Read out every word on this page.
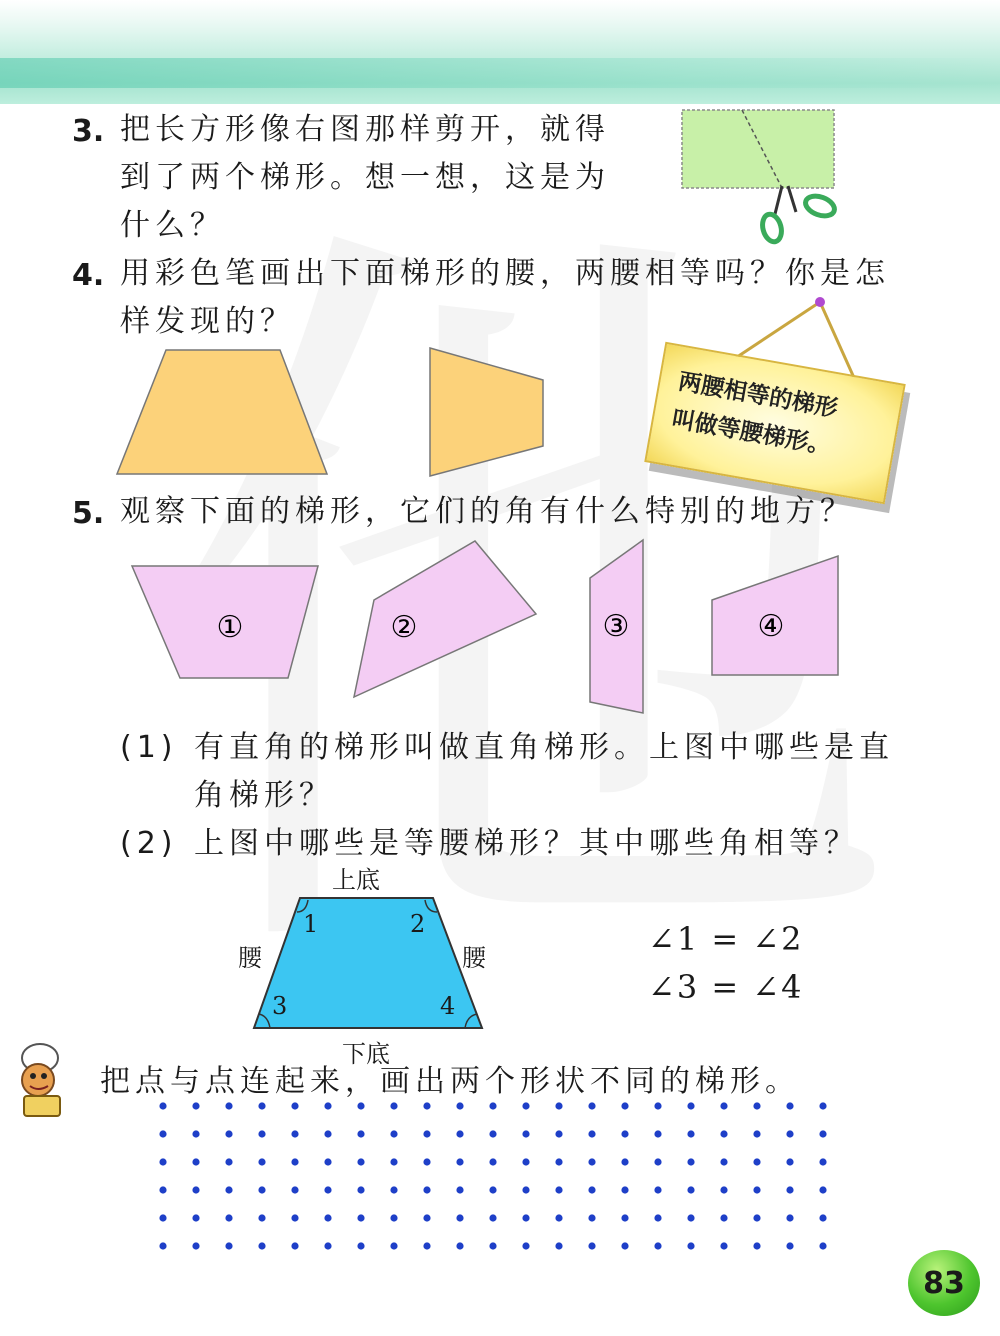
3. 把长方形像右图那样剪开，就得
到了两个梯形。想一想，这是为
什么？
4. 用彩色笔画出下面梯形的腰，两腰相等吗？你是怎
样发现的？
两腰相等的梯形
叫做等腰梯形。
5. 观察下面的梯形，它们的角有什么特别的地方？
①	②	③	④
(1) 有直角的梯形叫做直角梯形。上图中哪些是直
角梯形？
(2) 上图中哪些是等腰梯形？其中哪些角相等？
上底
下底
腰	腰
1	2
3	4
∠1 = ∠2
∠3 = ∠4
把点与点连起来，画出两个形状不同的梯形。
83
